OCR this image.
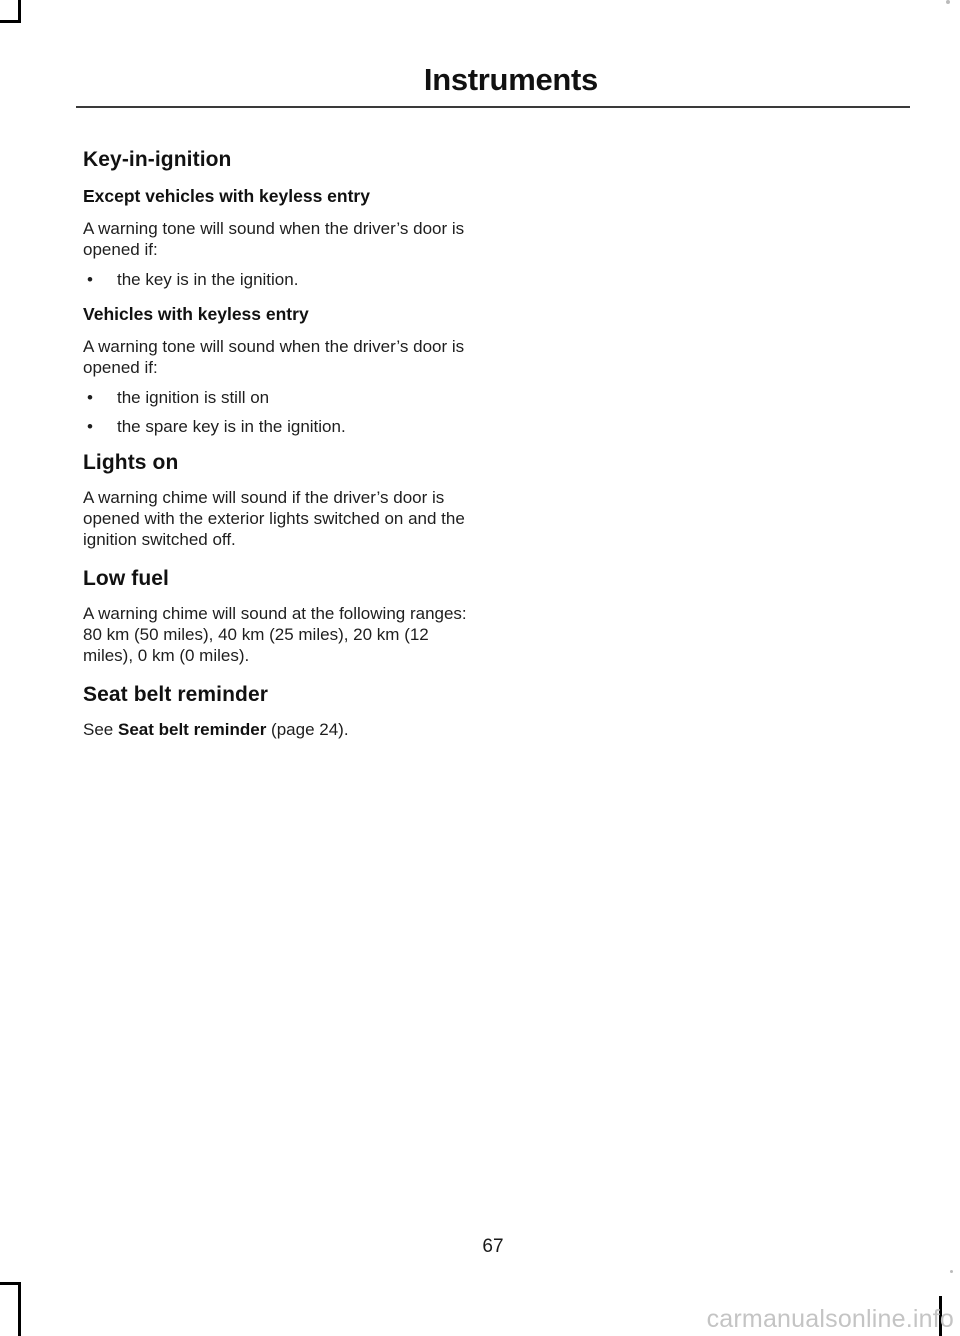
Instruments
Key-in-ignition
Except vehicles with keyless entry

A warning tone will sound when the driver’s door is opened if:

• the key is in the ignition.
Vehicles with keyless entry

A warning tone will sound when the driver’s door is opened if:

• the ignition is still on
• the spare key is in the ignition.
Lights on

A warning chime will sound if the driver’s door is opened with the exterior lights switched on and the ignition switched off.

Low fuel

A warning chime will sound at the following ranges: 80 km (50 miles), 40 km (25 miles), 20 km (12 miles), 0 km (0 miles).

Seat belt reminder

See Seat belt reminder (page 24).

67
carmanualsonline.info
